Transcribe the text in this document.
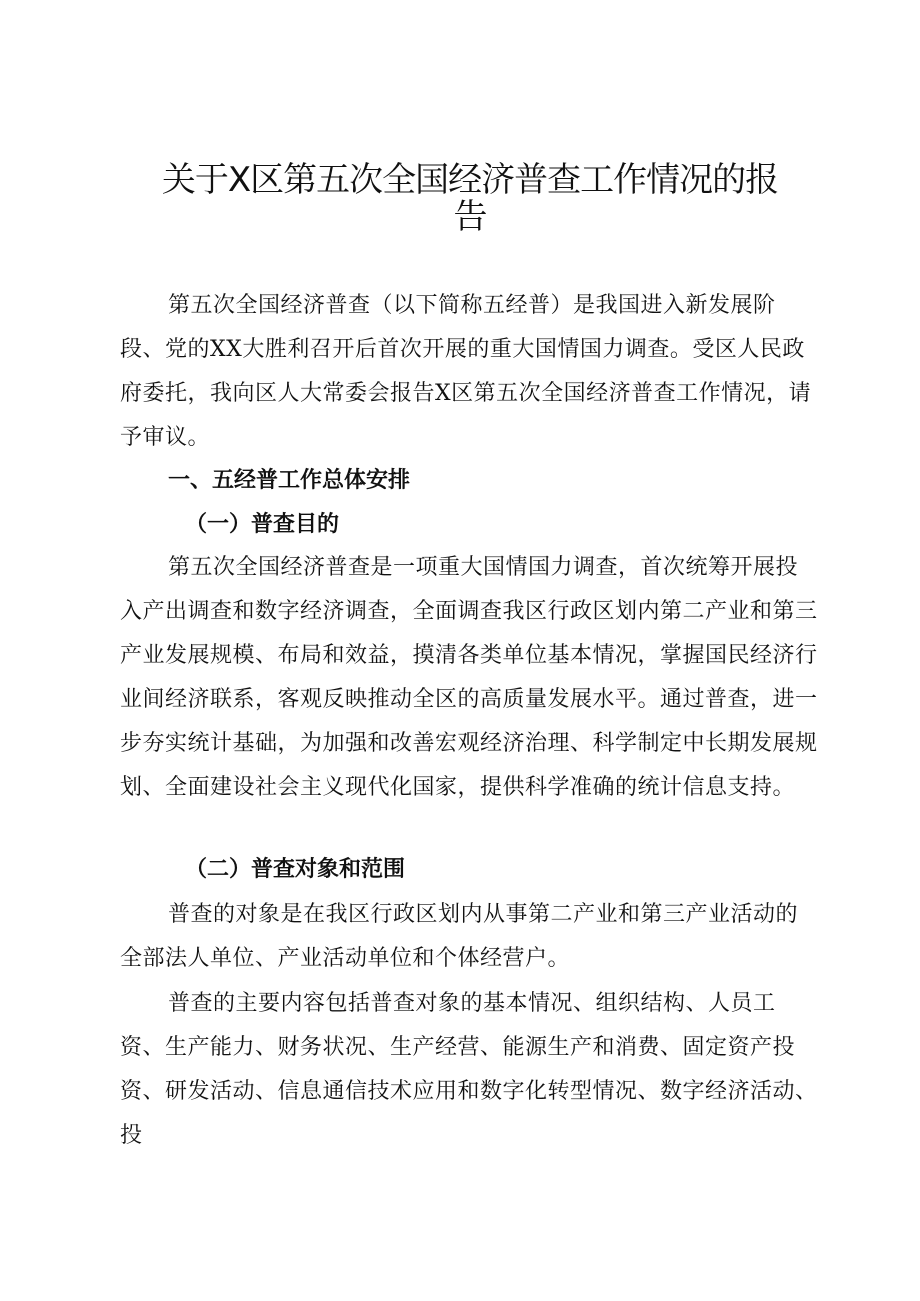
关于X区第五次全国经济普查工作情况的报
告

第五次全国经济普查（以下简称五经普）是我国进入新发展阶段、党的XX大胜利召开后首次开展的重大国情国力调查。受区人民政府委托，我向区人大常委会报告X区第五次全国经济普查工作情况，请予审议。

一、五经普工作总体安排
（一）普查目的

第五次全国经济普查是一项重大国情国力调查，首次统筹开展投入产出调查和数字经济调查，全面调查我区行政区划内第二产业和第三产业发展规模、布局和效益，摸清各类单位基本情况，掌握国民经济行业间经济联系，客观反映推动全区的高质量发展水平。通过普查，进一步夯实统计基础，为加强和改善宏观经济治理、科学制定中长期发展规划、全面建设社会主义现代化国家，提供科学准确的统计信息支持。

（二）普查对象和范围

普查的对象是在我区行政区划内从事第二产业和第三产业活动的全部法人单位、产业活动单位和个体经营户。

普查的主要内容包括普查对象的基本情况、组织结构、人员工资、生产能力、财务状况、生产经营、能源生产和消费、固定资产投资、研发活动、信息通信技术应用和数字化转型情况、数字经济活动、投
